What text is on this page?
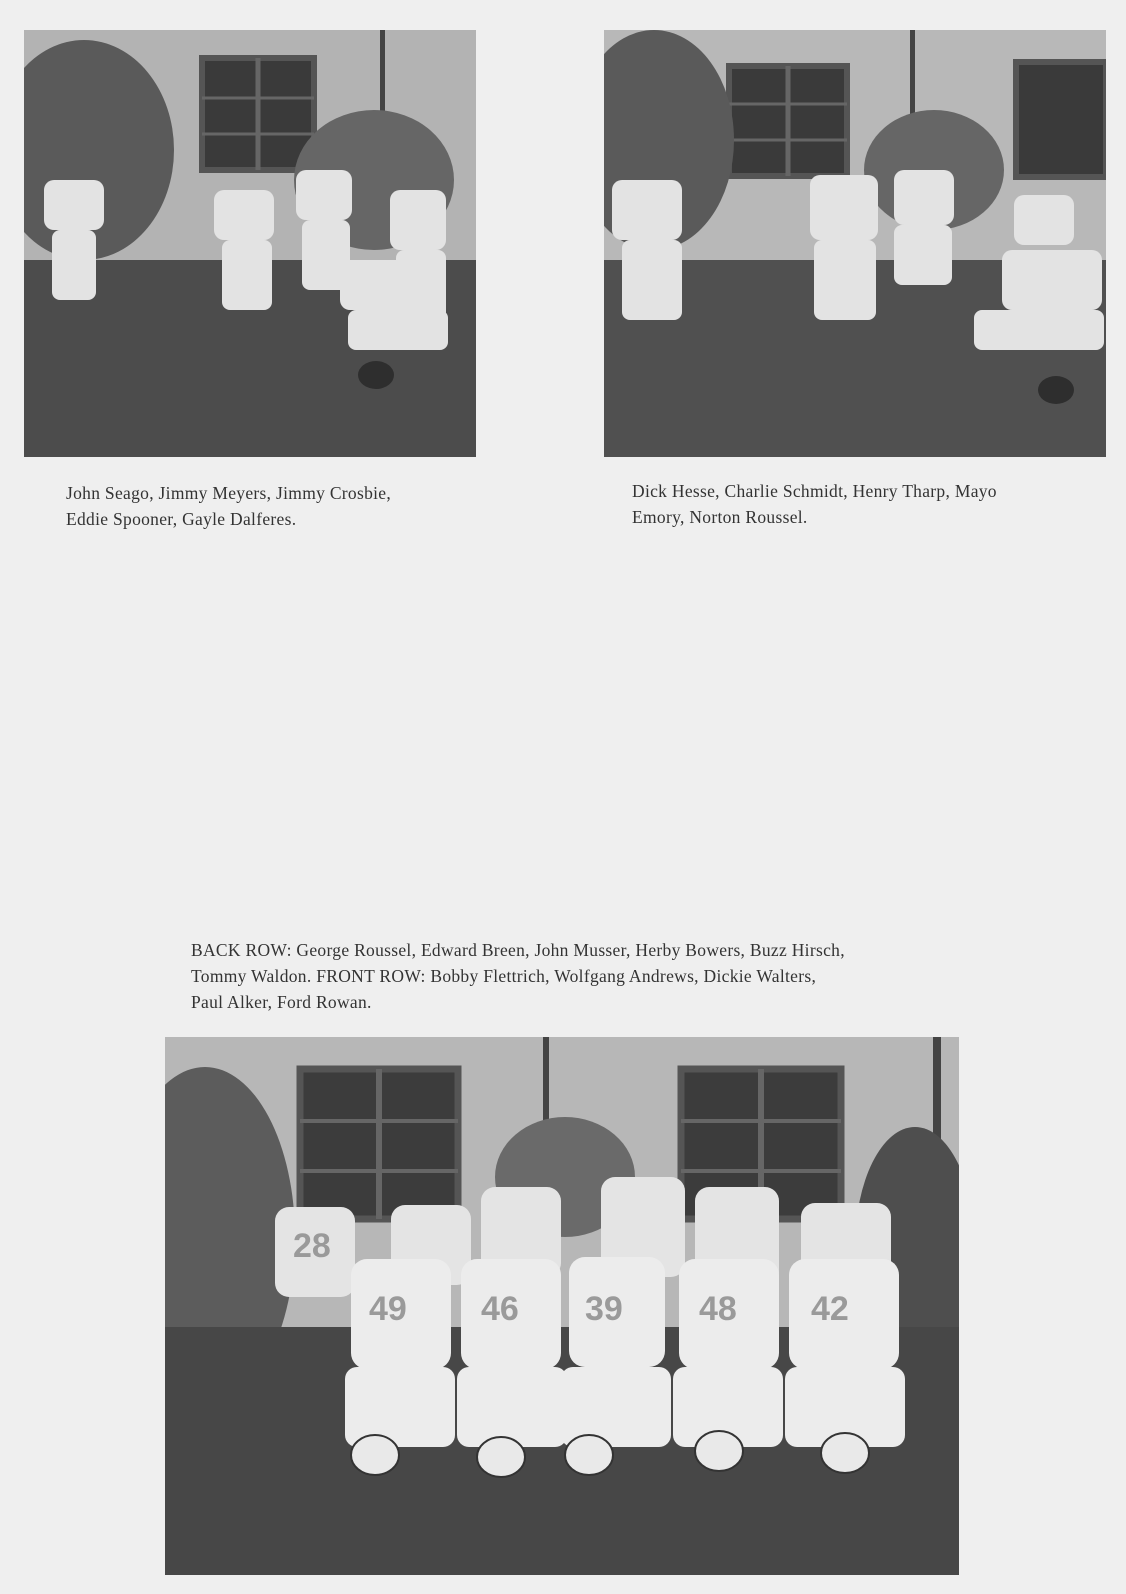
John Seago, Jimmy Meyers, Jimmy Crosbie,
Eddie Spooner, Gayle Dalferes.
Dick Hesse, Charlie Schmidt, Henry Tharp, Mayo
Emory, Norton Roussel.
BACK ROW: George Roussel, Edward Breen, John Musser, Herby Bowers, Buzz Hirsch,
Tommy Waldon. FRONT ROW: Bobby Flettrich, Wolfgang Andrews, Dickie Walters,
Paul Alker, Ford Rowan.
28
49 46 39 48 42
